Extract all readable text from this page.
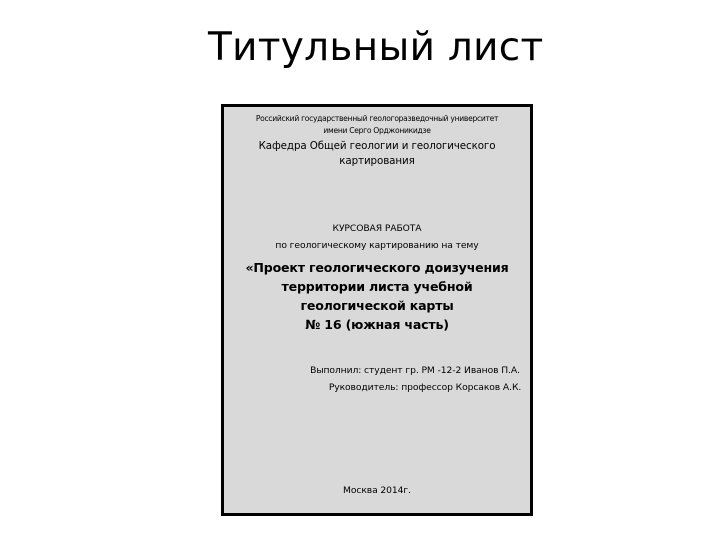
Титульный лист
Российский государственный геологоразведочный университет
имени Серго Орджоникидзе
Кафедра Общей геологии и геологического
картирования
КУРСОВАЯ РАБОТА
по геологическому картированию на тему
«Проект геологического доизучения
территории листа учебной
геологической карты
№ 16 (южная часть)
Выполнил: студент гр. РМ -12-2 Иванов П.А.
Руководитель: профессор Корсаков А.К.
Москва 2014г.
